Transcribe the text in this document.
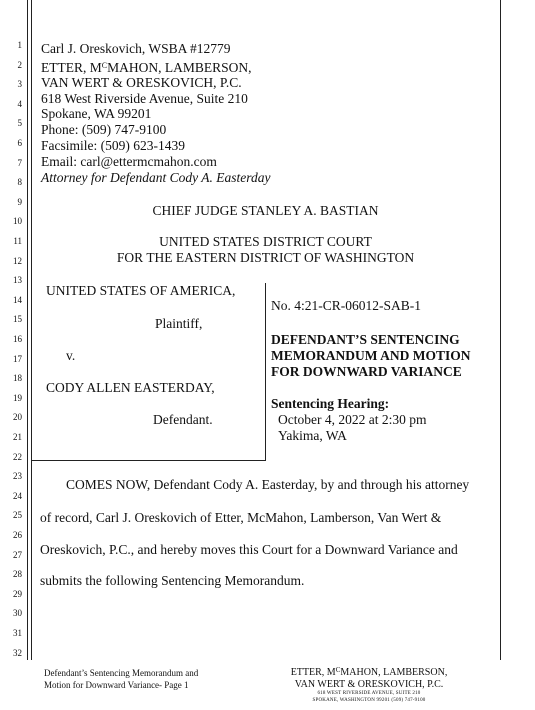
1
2
3
4
5
6
7
8
9
10
11
12
13
14
15
16
17
18
19
20
21
22
23
24
25
26
27
28
29
30
31
32
Carl J. Oreskovich, WSBA #12779
ETTER, $M^CMAHON$, LAMBERSON,
VAN WERT & ORESKOVICH, P.C.
618 West Riverside Avenue, Suite 210
Spokane, WA 99201
Phone: (509) 747-9100
Facsimile: (509) 623-1439
Email: carl@ettermcmahon.com
Attorney for Defendant Cody A. Easterday
CHIEF JUDGE STANLEY A. BASTIAN
UNITED STATES DISTRICT COURT
FOR THE EASTERN DISTRICT OF WASHINGTON
UNITED STATES OF AMERICA,
Plaintiff,
v.
CODY ALLEN EASTERDAY,
Defendant.
No. 4:21-CR-06012-SAB-1
DEFENDANT’S SENTENCING
MEMORANDUM AND MOTION
FOR DOWNWARD VARIANCE
Sentencing Hearing:
October 4, 2022 at 2:30 pm
Yakima, WA
COMES NOW, Defendant Cody A. Easterday, by and through his attorney
of record, Carl J. Oreskovich of Etter, McMahon, Lamberson, Van Wert &
Oreskovich, P.C., and hereby moves this Court for a Downward Variance and
submits the following Sentencing Memorandum.
Defendant’s Sentencing Memorandum and
Motion for Downward Variance- Page 1
ETTER, $M^CMAHON$, LAMBERSON,
VAN WERT & ORESKOVICH, P.C.
618 WEST RIVERSIDE AVENUE, SUITE 210
SPOKANE, WASHINGTON 99201 (509) 747-9100
